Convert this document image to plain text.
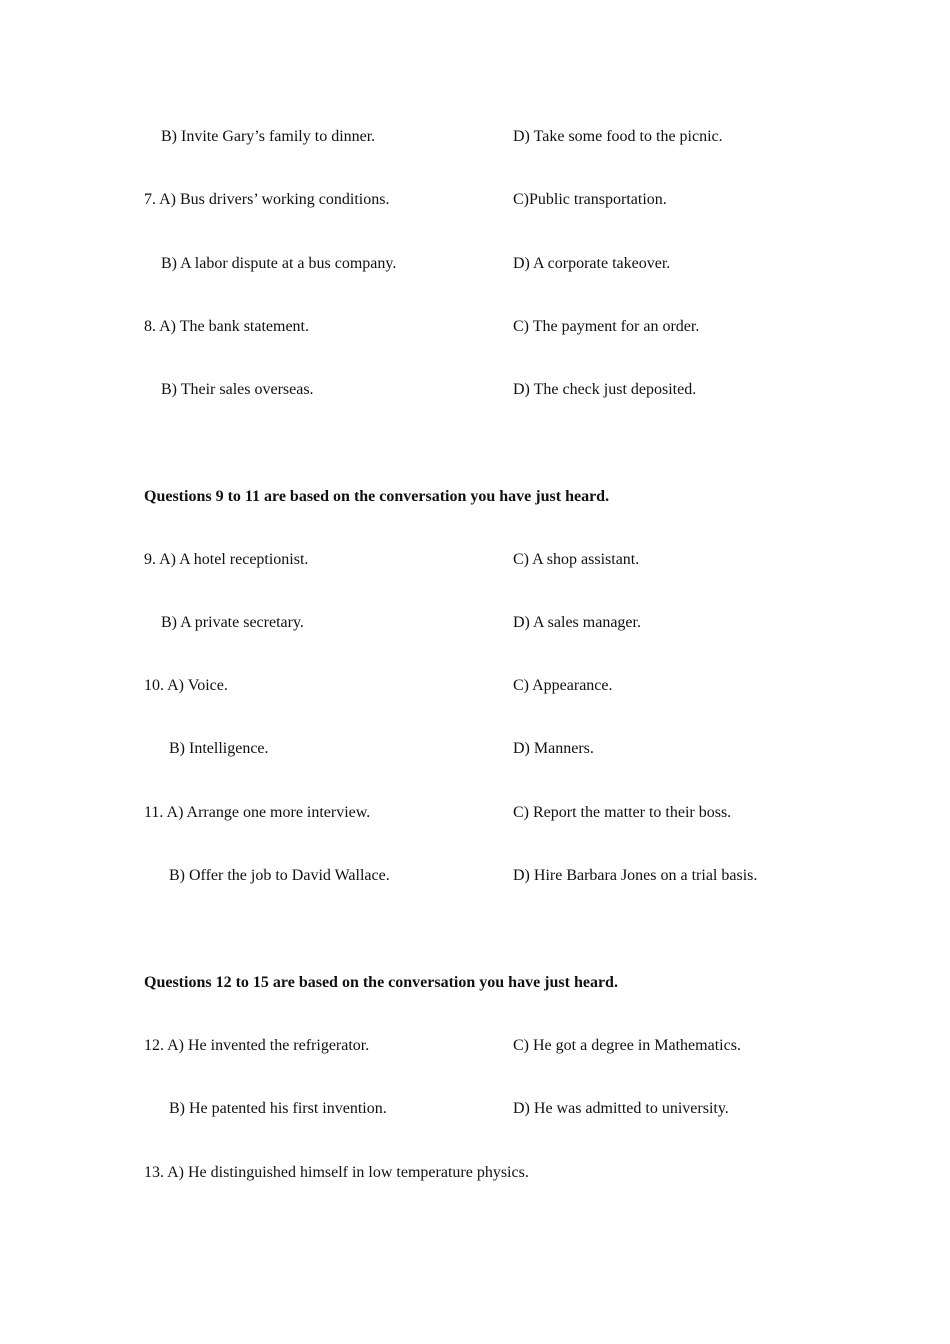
B) Invite Gary’s family to dinner.	D) Take some food to the picnic.

7. A) Bus drivers’ working conditions.	C)Public transportation.

B) A labor dispute at a bus company.	D) A corporate takeover.

8. A) The bank statement.	C) The payment for an order.

B) Their sales overseas.	D) The check just deposited.

Questions 9 to 11 are based on the conversation you have just heard.

9. A) A hotel receptionist.	C) A shop assistant.

B) A private secretary.	D) A sales manager.

10. A) Voice.	C) Appearance.

B) Intelligence.	D) Manners.

11. A) Arrange one more interview.	C) Report the matter to their boss.

B) Offer the job to David Wallace.	D) Hire Barbara Jones on a trial basis.

Questions 12 to 15 are based on the conversation you have just heard.

12. A) He invented the refrigerator.	C) He got a degree in Mathematics.

B) He patented his first invention.	D) He was admitted to university.

13. A) He distinguished himself in low temperature physics.
